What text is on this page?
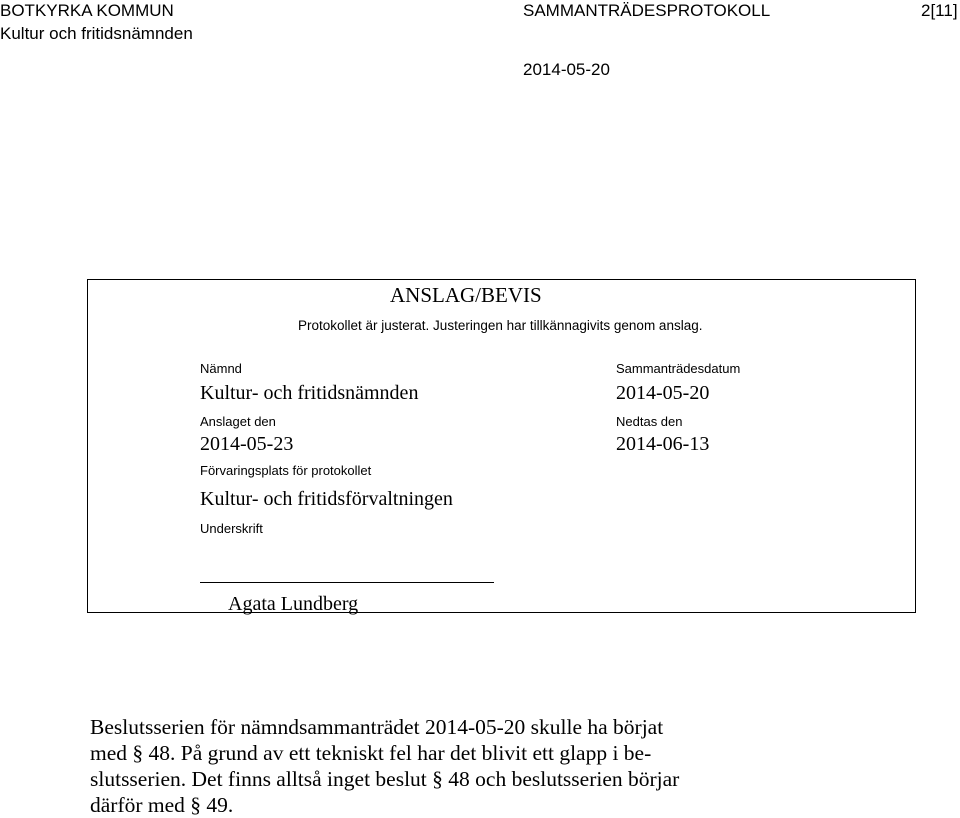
BOTKYRKA KOMMUN
Kultur och fritidsnämnden
SAMMANTRÄDESPROTOKOLL	2[11]
2014-05-20
ANSLAG/BEVIS
Protokollet är justerat. Justeringen har tillkännagivits genom anslag.
Nämnd
Kultur- och fritidsnämnden
Sammanträdesdatum
2014-05-20
Anslaget den
2014-05-23
Nedtas den
2014-06-13
Förvaringsplats för protokollet
Kultur- och fritidsförvaltningen
Underskrift
Agata Lundberg
Beslutsserien för nämndsammanträdet 2014-05-20 skulle ha börjat
med § 48. På grund av ett tekniskt fel har det blivit ett glapp i be-
slutsserien. Det finns alltså inget beslut § 48 och beslutsserien börjar
därför med § 49.
